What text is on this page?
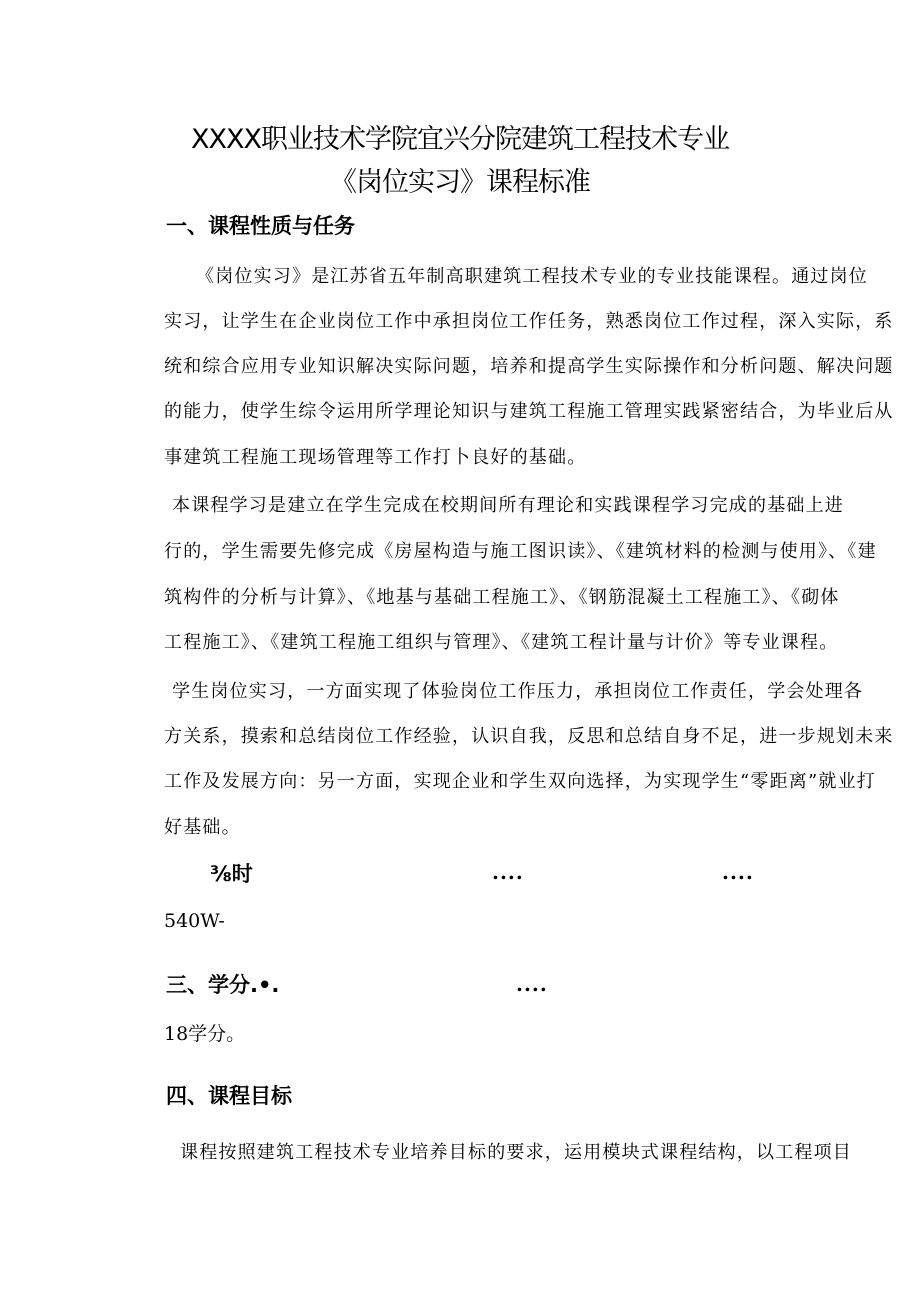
XXXX职业技术学院宜兴分院建筑工程技术专业
《岗位实习》课程标准
一、课程性质与任务
《岗位实习》是江苏省五年制高职建筑工程技术专业的专业技能课程。通过岗位
实习，让学生在企业岗位工作中承担岗位工作任务，熟悉岗位工作过程，深入实际，系
统和综合应用专业知识解决实际问题，培养和提高学生实际操作和分析问题、解决问题
的能力，使学生综令运用所学理论知识与建筑工程施工管理实践紧密结合，为毕业后从
事建筑工程施工现场管理等工作打卜良好的基础。
本课程学习是建立在学生完成在校期间所有理论和实践课程学习完成的基础上进
行的，学生需要先修完成《房屋构造与施工图识读》、《建筑材料的检测与使用》、《建
筑构件的分析与计算》、《地基与基础工程施工》、《钢筋混凝土工程施工》、《砌体
工程施工》、《建筑工程施工组织与管理》、《建筑工程计量与计价》等专业课程。
学生岗位实习，一方面实现了体验岗位工作压力，承担岗位工作责任，学会处理各
方关系，摸索和总结岗位工作经验，认识自我，反思和总结自身不足，进一步规划未来
工作及发展方向：另一方面，实现企业和学生双向选择，为实现学生“零距离”就业打
好基础。
⅜时	....	....
540W-
三、学分.•.	....
18学分。
四、课程目标
课程按照建筑工程技术专业培养目标的要求，运用模块式课程结构，以工程项目
